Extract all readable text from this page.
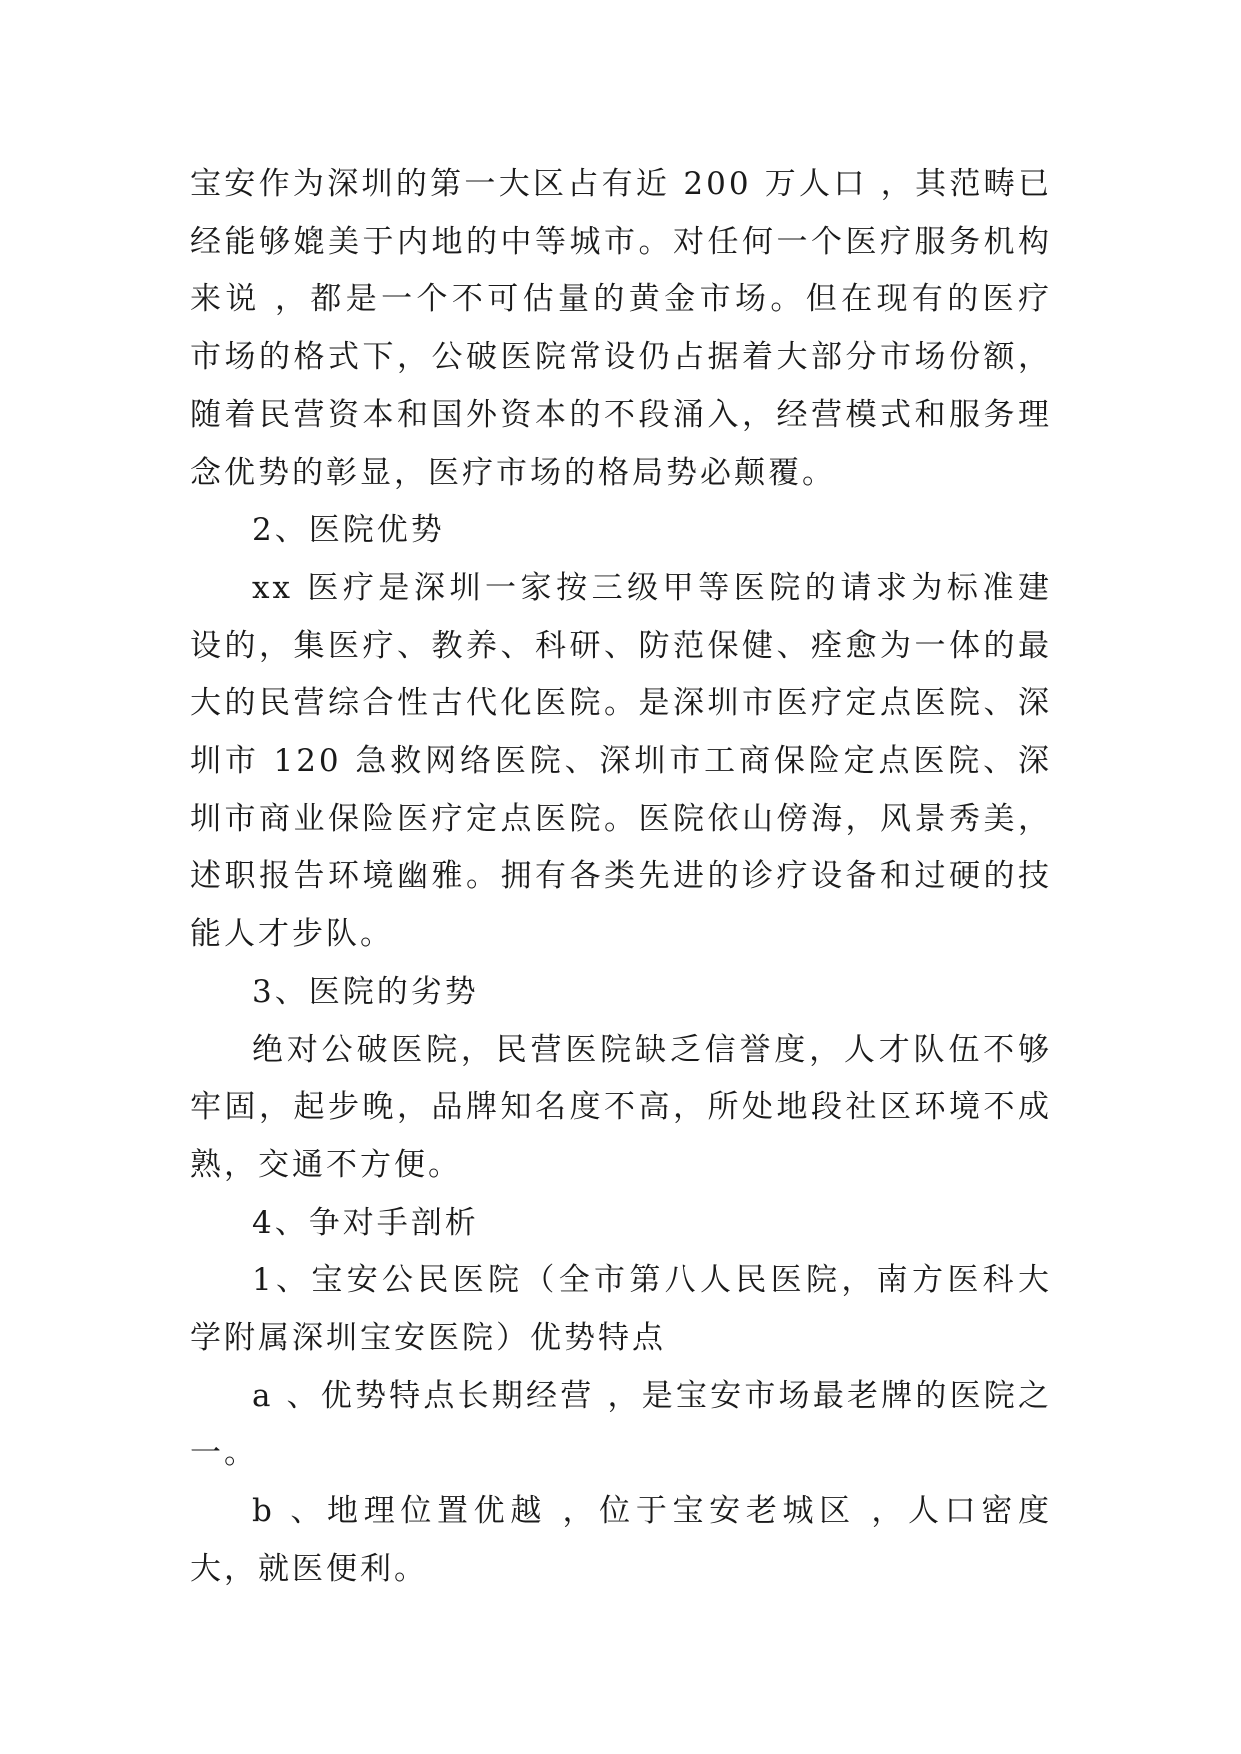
宝安作为深圳的第一大区占有近 200 万人口 ，其范畴已经能够媲美于内地的中等城市。对任何一个医疗服务机构来说 ，都是一个不可估量的黄金市场。但在现有的医疗市场的格式下，公破医院常设仍占据着大部分市场份额，随着民营资本和国外资本的不段涌入，经营模式和服务理念优势的彰显，医疗市场的格局势必颠覆。

2、医院优势

xx 医疗是深圳一家按三级甲等医院的请求为标准建设的，集医疗、教养、科研、防范保健、痊愈为一体的最大的民营综合性古代化医院。是深圳市医疗定点医院、深圳市 120 急救网络医院、深圳市工商保险定点医院、深圳市商业保险医疗定点医院。医院依山傍海，风景秀美，述职报告环境幽雅。拥有各类先进的诊疗设备和过硬的技能人才步队。

3、医院的劣势

绝对公破医院，民营医院缺乏信誉度，人才队伍不够牢固，起步晚，品牌知名度不高，所处地段社区环境不成熟，交通不方便。

4、争对手剖析

1、宝安公民医院（全市第八人民医院，南方医科大学附属深圳宝安医院）优势特点

a 、优势特点长期经营 ，是宝安市场最老牌的医院之一。

b 、地理位置优越 ，位于宝安老城区 ，人口密度大，就医便利。
